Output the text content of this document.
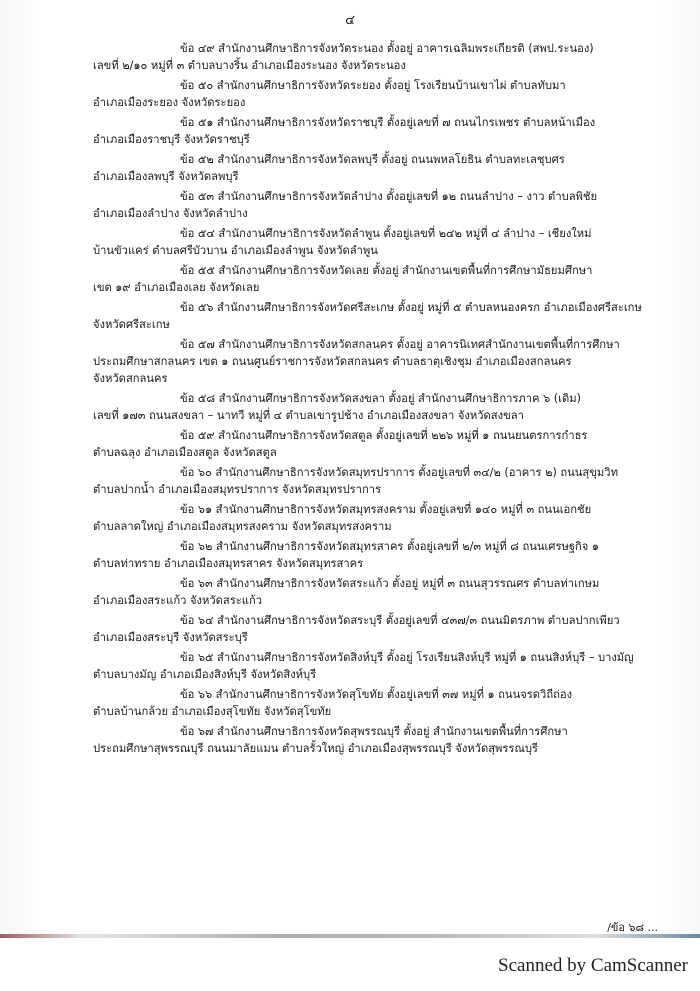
๔
ข้อ ๔๙ สำนักงานศึกษาธิการจังหวัดระนอง ตั้งอยู่ อาคารเฉลิมพระเกียรติ (สพป.ระนอง)
เลขที่ ๒/๑๐ หมู่ที่ ๓ ตำบลบางริ้น อำเภอเมืองระนอง จังหวัดระนอง
ข้อ ๕๐ สำนักงานศึกษาธิการจังหวัดระยอง ตั้งอยู่ โรงเรียนบ้านเขาไผ่ ตำบลทับมา
อำเภอเมืองระยอง จังหวัดระยอง
ข้อ ๕๑ สำนักงานศึกษาธิการจังหวัดราชบุรี ตั้งอยู่เลขที่ ๗ ถนนไกรเพชร ตำบลหน้าเมือง
อำเภอเมืองราชบุรี จังหวัดราชบุรี
ข้อ ๕๒ สำนักงานศึกษาธิการจังหวัดลพบุรี ตั้งอยู่ ถนนพหลโยธิน ตำบลทะเลชุบศร
อำเภอเมืองลพบุรี จังหวัดลพบุรี
ข้อ ๕๓ สำนักงานศึกษาธิการจังหวัดลำปาง ตั้งอยู่เลขที่ ๑๒ ถนนลำปาง – งาว ตำบลพิชัย
อำเภอเมืองลำปาง จังหวัดลำปาง
ข้อ ๕๔ สำนักงานศึกษาธิการจังหวัดลำพูน ตั้งอยู่เลขที่ ๒๔๒ หมู่ที่ ๔ ลำปาง – เชียงใหม่
บ้านขัวแคร่ ตำบลศรีบัวบาน อำเภอเมืองลำพูน จังหวัดลำพูน
ข้อ ๕๕ สำนักงานศึกษาธิการจังหวัดเลย ตั้งอยู่ สำนักงานเขตพื้นที่การศึกษามัธยมศึกษา
เขต ๑๙ อำเภอเมืองเลย จังหวัดเลย
ข้อ ๕๖ สำนักงานศึกษาธิการจังหวัดศรีสะเกษ ตั้งอยู่ หมู่ที่ ๕ ตำบลหนองครก อำเภอเมืองศรีสะเกษ
จังหวัดศรีสะเกษ
ข้อ ๕๗ สำนักงานศึกษาธิการจังหวัดสกลนคร ตั้งอยู่ อาคารนิเทศสำนักงานเขตพื้นที่การศึกษา
ประถมศึกษาสกลนคร เขต ๑ ถนนศูนย์ราชการจังหวัดสกลนคร ตำบลธาตุเชิงชุม อำเภอเมืองสกลนคร
จังหวัดสกลนคร
ข้อ ๕๘ สำนักงานศึกษาธิการจังหวัดสงขลา ตั้งอยู่ สำนักงานศึกษาธิการภาค ๖ (เดิม)
เลขที่ ๑๗๓ ถนนสงขลา – นาทวี หมู่ที่ ๔ ตำบลเขารูปช้าง อำเภอเมืองสงขลา จังหวัดสงขลา
ข้อ ๕๙ สำนักงานศึกษาธิการจังหวัดสตูล ตั้งอยู่เลขที่ ๒๒๖ หมู่ที่ ๑ ถนนยนตรการกำธร
ตำบลฉลุง อำเภอเมืองสตูล จังหวัดสตูล
ข้อ ๖๐ สำนักงานศึกษาธิการจังหวัดสมุทรปราการ ตั้งอยู่เลขที่ ๓๔/๒ (อาคาร ๒) ถนนสุขุมวิท
ตำบลปากน้ำ อำเภอเมืองสมุทรปราการ จังหวัดสมุทรปราการ
ข้อ ๖๑ สำนักงานศึกษาธิการจังหวัดสมุทรสงคราม ตั้งอยู่เลขที่ ๑๔๐ หมู่ที่ ๓ ถนนเอกชัย
ตำบลลาดใหญ่ อำเภอเมืองสมุทรสงคราม จังหวัดสมุทรสงคราม
ข้อ ๖๒ สำนักงานศึกษาธิการจังหวัดสมุทรสาคร ตั้งอยู่เลขที่ ๒/๓ หมู่ที่ ๘ ถนนเศรษฐกิจ ๑
ตำบลท่าทราย อำเภอเมืองสมุทรสาคร จังหวัดสมุทรสาคร
ข้อ ๖๓ สำนักงานศึกษาธิการจังหวัดสระแก้ว ตั้งอยู่ หมู่ที่ ๓ ถนนสุวรรณศร ตำบลท่าเกษม
อำเภอเมืองสระแก้ว จังหวัดสระแก้ว
ข้อ ๖๔ สำนักงานศึกษาธิการจังหวัดสระบุรี ตั้งอยู่เลขที่ ๔๓๗/๓ ถนนมิตรภาพ ตำบลปากเพียว
อำเภอเมืองสระบุรี จังหวัดสระบุรี
ข้อ ๖๕ สำนักงานศึกษาธิการจังหวัดสิงห์บุรี ตั้งอยู่ โรงเรียนสิงห์บุรี หมู่ที่ ๑ ถนนสิงห์บุรี – บางมัญ
ตำบลบางมัญ อำเภอเมืองสิงห์บุรี จังหวัดสิงห์บุรี
ข้อ ๖๖ สำนักงานศึกษาธิการจังหวัดสุโขทัย ตั้งอยู่เลขที่ ๓๗ หมู่ที่ ๑ ถนนจรดวิถีถ่อง
ตำบลบ้านกล้วย อำเภอเมืองสุโขทัย จังหวัดสุโขทัย
ข้อ ๖๗ สำนักงานศึกษาธิการจังหวัดสุพรรณบุรี ตั้งอยู่ สำนักงานเขตพื้นที่การศึกษา
ประถมศึกษาสุพรรณบุรี ถนนมาลัยแมน ตำบลรั้วใหญ่ อำเภอเมืองสุพรรณบุรี จังหวัดสุพรรณบุรี
/ข้อ ๖๘ ...
Scanned by CamScanner
